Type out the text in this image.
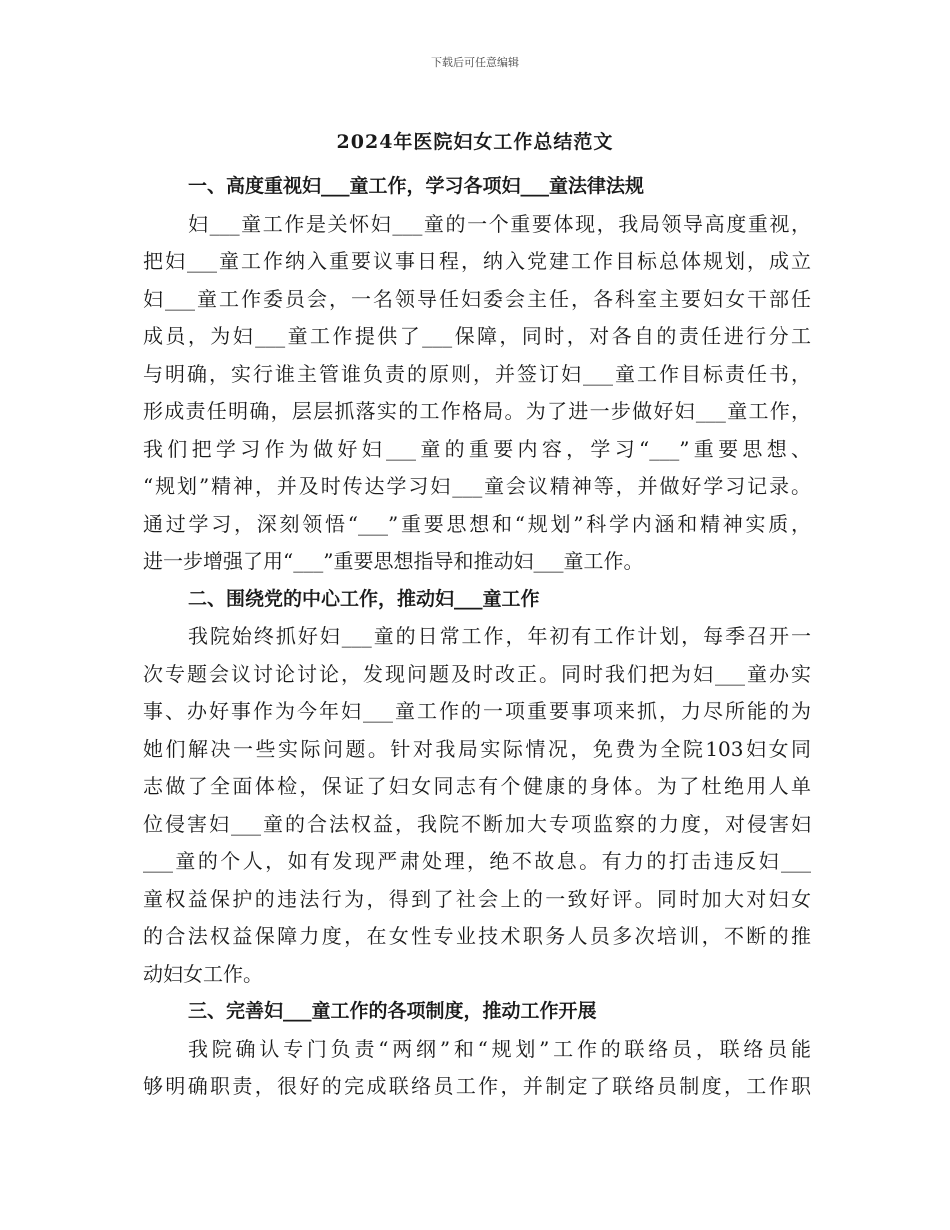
下载后可任意编辑
2024年医院妇女工作总结范文
一、高度重视妇___童工作，学习各项妇___童法律法规
妇___童工作是关怀妇___童的一个重要体现，我局领导高度重视，
把妇___童工作纳入重要议事日程，纳入党建工作目标总体规划，成立
妇___童工作委员会，一名领导任妇委会主任，各科室主要妇女干部任
成员，为妇___童工作提供了___保障，同时，对各自的责任进行分工
与明确，实行谁主管谁负责的原则，并签订妇___童工作目标责任书，
形成责任明确，层层抓落实的工作格局。为了进一步做好妇___童工作，
我们把学习作为做好妇___童的重要内容，学习“___”重要思想、
“规划”精神，并及时传达学习妇___童会议精神等，并做好学习记录。
通过学习，深刻领悟“___”重要思想和“规划”科学内涵和精神实质，
进一步增强了用“___”重要思想指导和推动妇___童工作。
二、围绕党的中心工作，推动妇___童工作
我院始终抓好妇___童的日常工作，年初有工作计划，每季召开一
次专题会议讨论讨论，发现问题及时改正。同时我们把为妇___童办实
事、办好事作为今年妇___童工作的一项重要事项来抓，力尽所能的为
她们解决一些实际问题。针对我局实际情况，免费为全院103妇女同
志做了全面体检，保证了妇女同志有个健康的身体。为了杜绝用人单
位侵害妇___童的合法权益，我院不断加大专项监察的力度，对侵害妇
___童的个人，如有发现严肃处理，绝不故息。有力的打击违反妇___
童权益保护的违法行为，得到了社会上的一致好评。同时加大对妇女
的合法权益保障力度，在女性专业技术职务人员多次培训，不断的推
动妇女工作。
三、完善妇___童工作的各项制度，推动工作开展
我院确认专门负责“两纲”和“规划”工作的联络员，联络员能
够明确职责，很好的完成联络员工作，并制定了联络员制度，工作职
